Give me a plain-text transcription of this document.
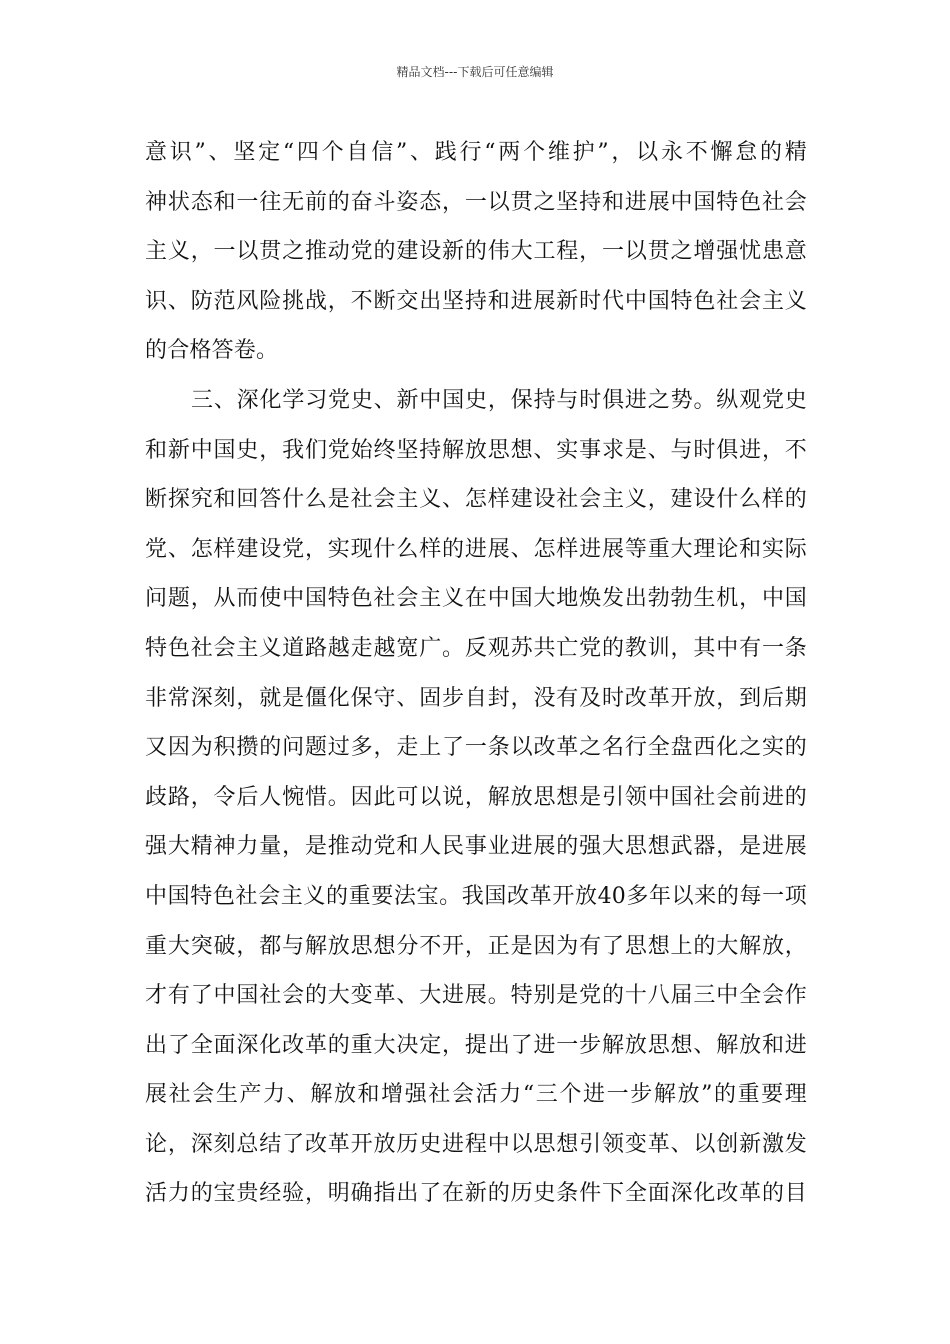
精品文档---下载后可任意编辑
意识”、坚定“四个自信”、践行“两个维护”，以永不懈怠的精
神状态和一往无前的奋斗姿态，一以贯之坚持和进展中国特色社会
主义，一以贯之推动党的建设新的伟大工程，一以贯之增强忧患意
识、防范风险挑战，不断交出坚持和进展新时代中国特色社会主义
的合格答卷。
三、深化学习党史、新中国史，保持与时俱进之势。纵观党史
和新中国史，我们党始终坚持解放思想、实事求是、与时俱进，不
断探究和回答什么是社会主义、怎样建设社会主义，建设什么样的
党、怎样建设党，实现什么样的进展、怎样进展等重大理论和实际
问题，从而使中国特色社会主义在中国大地焕发出勃勃生机，中国
特色社会主义道路越走越宽广。反观苏共亡党的教训，其中有一条
非常深刻，就是僵化保守、固步自封，没有及时改革开放，到后期
又因为积攒的问题过多，走上了一条以改革之名行全盘西化之实的
歧路，令后人惋惜。因此可以说，解放思想是引领中国社会前进的
强大精神力量，是推动党和人民事业进展的强大思想武器，是进展
中国特色社会主义的重要法宝。我国改革开放40多年以来的每一项
重大突破，都与解放思想分不开，正是因为有了思想上的大解放，
才有了中国社会的大变革、大进展。特别是党的十八届三中全会作
出了全面深化改革的重大决定，提出了进一步解放思想、解放和进
展社会生产力、解放和增强社会活力“三个进一步解放”的重要理
论，深刻总结了改革开放历史进程中以思想引领变革、以创新激发
活力的宝贵经验，明确指出了在新的历史条件下全面深化改革的目
